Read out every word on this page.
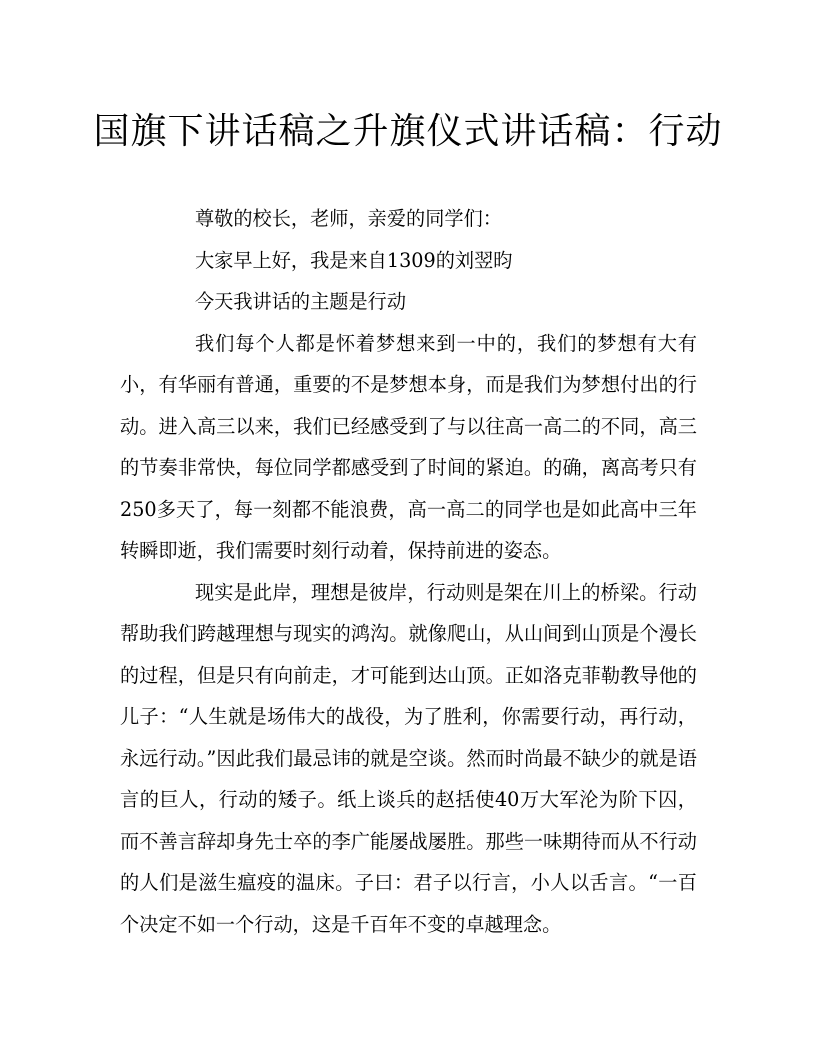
国旗下讲话稿之升旗仪式讲话稿：行动

尊敬的校长，老师，亲爱的同学们：

大家早上好，我是来自1309的刘翌昀

今天我讲话的主题是行动

我们每个人都是怀着梦想来到一中的，我们的梦想有大有小，有华丽有普通，重要的不是梦想本身，而是我们为梦想付出的行动。进入高三以来，我们已经感受到了与以往高一高二的不同，高三的节奏非常快，每位同学都感受到了时间的紧迫。的确，离高考只有250多天了，每一刻都不能浪费，高一高二的同学也是如此高中三年转瞬即逝，我们需要时刻行动着，保持前进的姿态。

现实是此岸，理想是彼岸，行动则是架在川上的桥梁。行动帮助我们跨越理想与现实的鸿沟。就像爬山，从山间到山顶是个漫长的过程，但是只有向前走，才可能到达山顶。正如洛克菲勒教导他的儿子：“人生就是场伟大的战役，为了胜利，你需要行动，再行动，永远行动。”因此我们最忌讳的就是空谈。然而时尚最不缺少的就是语言的巨人，行动的矮子。纸上谈兵的赵括使40万大军沦为阶下囚，而不善言辞却身先士卒的李广能屡战屡胜。那些一味期待而从不行动的人们是滋生瘟疫的温床。子曰：君子以行言，小人以舌言。“一百个决定不如一个行动，这是千百年不变的卓越理念。
